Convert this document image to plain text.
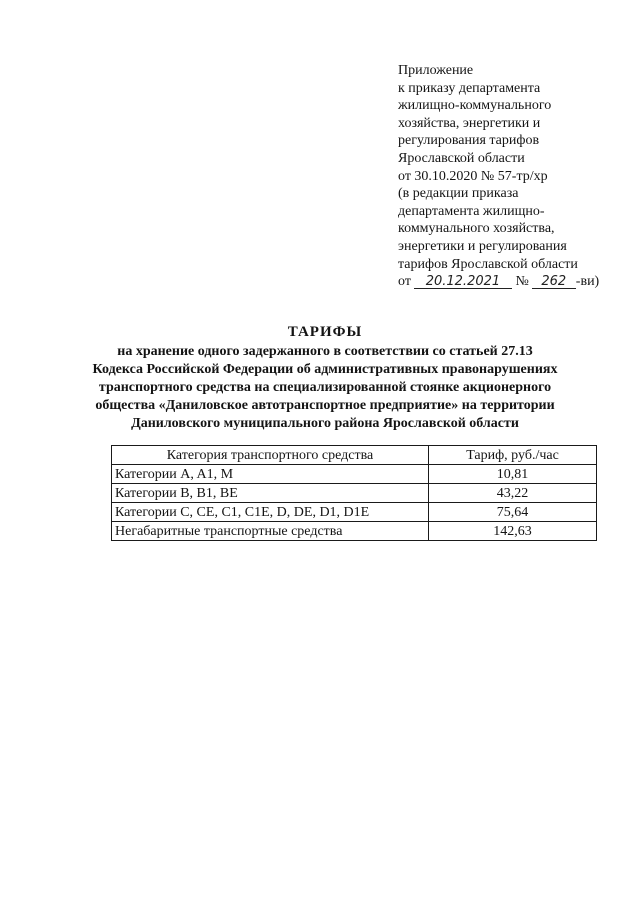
Приложение
к приказу департамента
жилищно-коммунального
хозяйства, энергетики и
регулирования тарифов
Ярославской области
от 30.10.2020 № 57-тр/хр
(в редакции приказа
департамента жилищно-
коммунального хозяйства,
энергетики и регулирования
тарифов Ярославской области
от 20.12.2021 № 262 -ви)
ТАРИФЫ
на хранение одного задержанного в соответствии со статьей 27.13
Кодекса Российской Федерации об административных правонарушениях
транспортного средства на специализированной стоянке акционерного
общества «Даниловское автотранспортное предприятие» на территории
Даниловского муниципального района Ярославской области
Категория транспортного средства	Тариф, руб./час
Категории A, A1, M	10,81
Категории B, B1, BE	43,22
Категории C, CE, C1, C1E, D, DE, D1, D1E	75,64
Негабаритные транспортные средства	142,63
